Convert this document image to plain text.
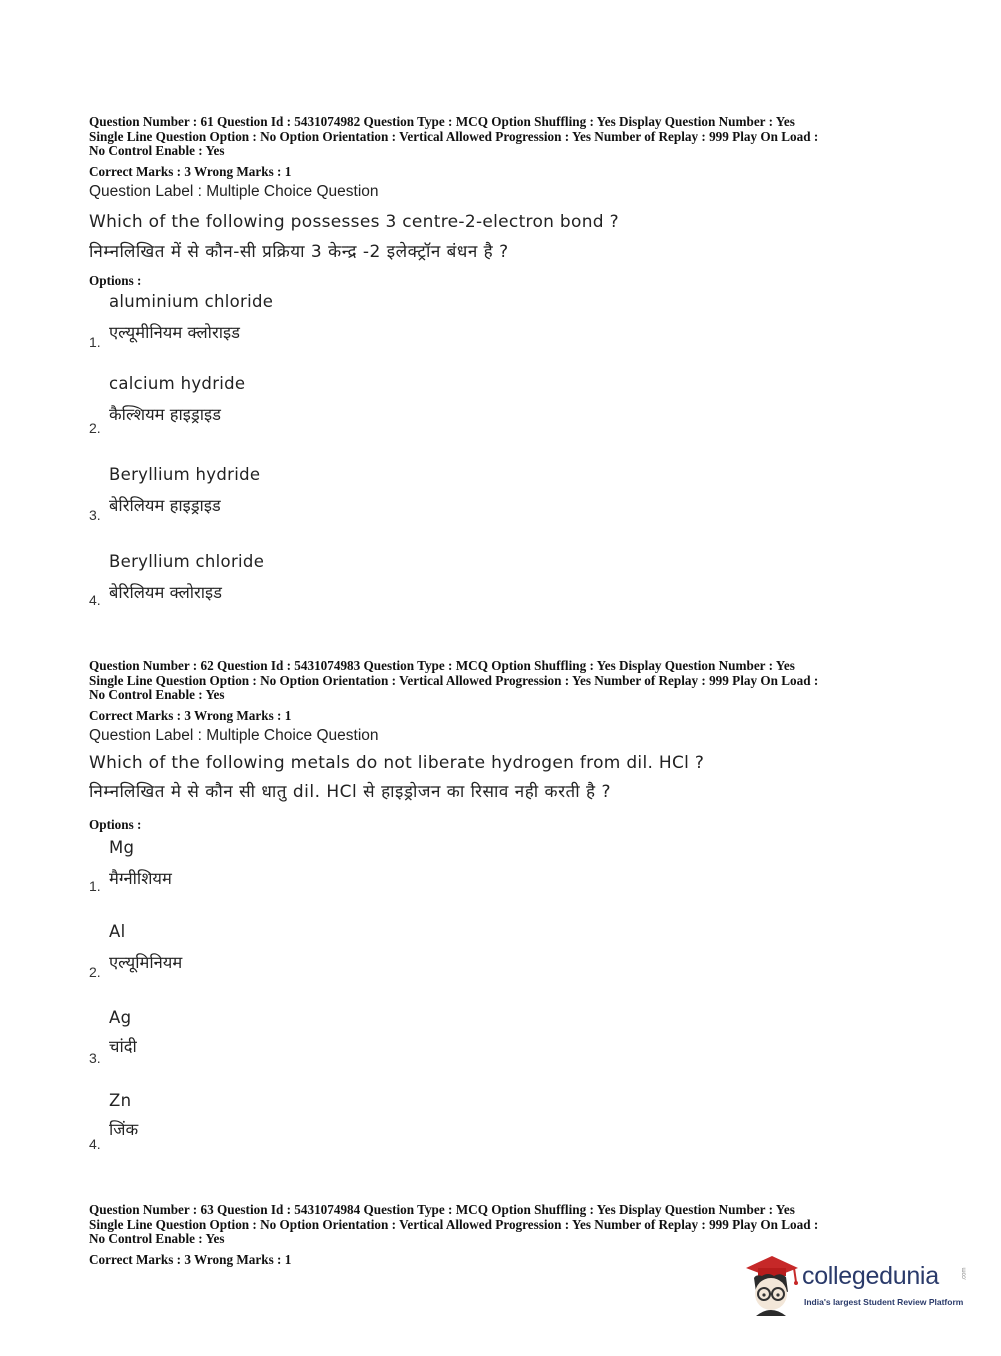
Question Number : 61 Question Id : 5431074982 Question Type : MCQ Option Shuffling : Yes Display Question Number : Yes
Single Line Question Option : No Option Orientation : Vertical Allowed Progression : Yes Number of Replay : 999 Play On Load :
No Control Enable : Yes
Correct Marks : 3 Wrong Marks : 1
Question Label : Multiple Choice Question
Which of the following possesses 3 centre-2-electron bond ?
निम्नलिखित में से कौन-सी प्रक्रिया 3 केन्द्र -2 इलेक्ट्रॉन बंधन है ?
Options :
aluminium chloride
एल्यूमीनियम क्लोराइड
1.
calcium hydride
कैल्शियम हाइड्राइड
2.
Beryllium hydride
बेरिलियम हाइड्राइड
3.
Beryllium chloride
बेरिलियम क्लोराइड
4.
Question Number : 62 Question Id : 5431074983 Question Type : MCQ Option Shuffling : Yes Display Question Number : Yes
Single Line Question Option : No Option Orientation : Vertical Allowed Progression : Yes Number of Replay : 999 Play On Load :
No Control Enable : Yes
Correct Marks : 3 Wrong Marks : 1
Question Label : Multiple Choice Question
Which of the following metals do not liberate hydrogen from dil. HCl ?
निम्नलिखित मे से कौन सी धातु dil. HCl से हाइड्रोजन का रिसाव नही करती है ?
Options :
Mg
मैग्नीशियम
1.
Al
एल्यूमिनियम
2.
Ag
चांदी
3.
Zn
जिंक
4.
Question Number : 63 Question Id : 5431074984 Question Type : MCQ Option Shuffling : Yes Display Question Number : Yes
Single Line Question Option : No Option Orientation : Vertical Allowed Progression : Yes Number of Replay : 999 Play On Load :
No Control Enable : Yes
Correct Marks : 3 Wrong Marks : 1
collegedunia	.com
India's largest Student Review Platform
